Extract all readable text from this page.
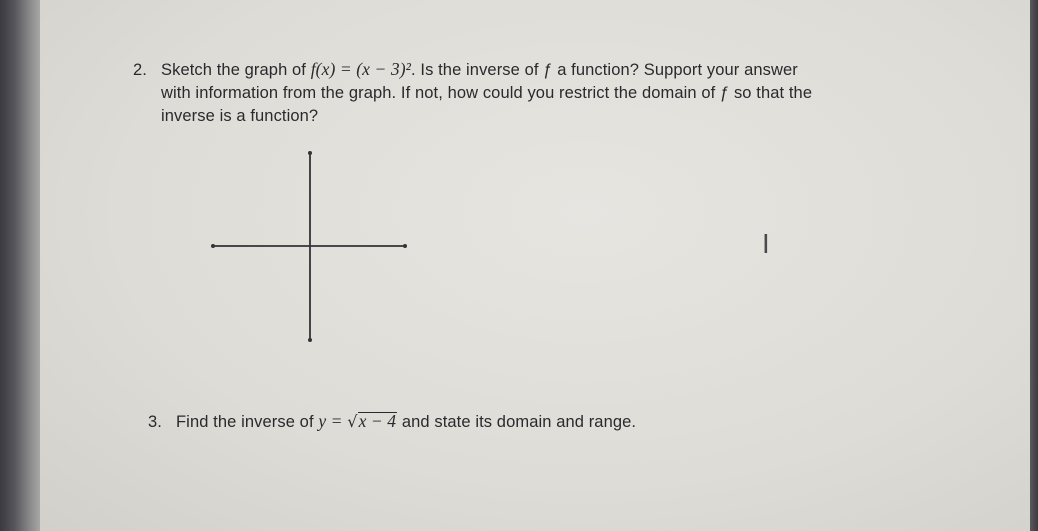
2. Sketch the graph of f(x) = (x − 3)². Is the inverse of ƒ a function? Support your answer
with information from the graph. If not, how could you restrict the domain of ƒ so that the
inverse is a function?
I
3. Find the inverse of y = √x − 4 and state its domain and range.
